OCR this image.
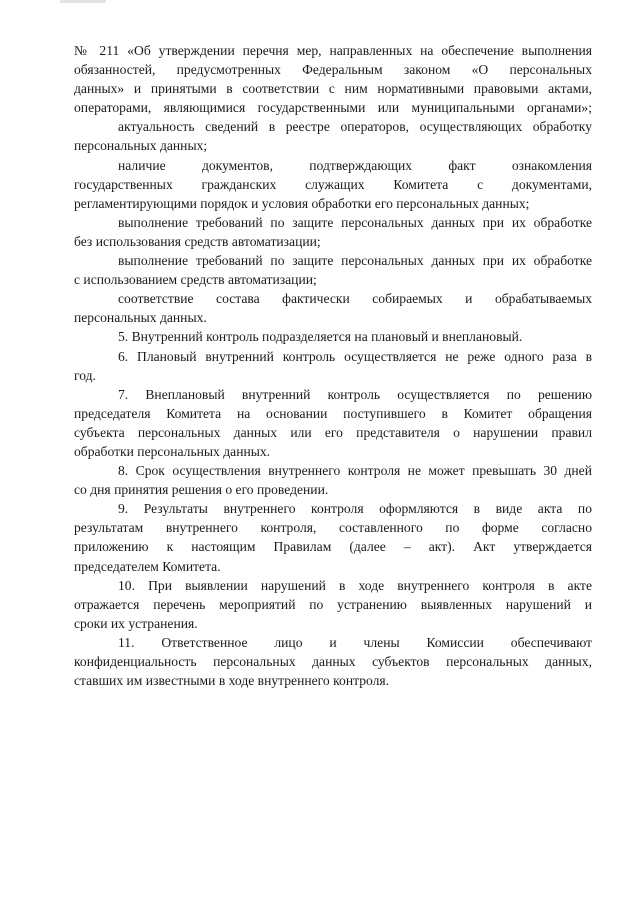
№ 211 «Об утверждении перечня мер, направленных на обеспечение выполнения
обязанностей, предусмотренных Федеральным законом «О персональных
данных» и принятыми в соответствии с ним нормативными правовыми актами,
операторами, являющимися государственными или муниципальными органами»;
актуальность сведений в реестре операторов, осуществляющих обработку
персональных данных;
наличие документов, подтверждающих факт ознакомления
государственных гражданских служащих Комитета с документами,
регламентирующими порядок и условия обработки его персональных данных;
выполнение требований по защите персональных данных при их обработке
без использования средств автоматизации;
выполнение требований по защите персональных данных при их обработке
с использованием средств автоматизации;
соответствие состава фактически собираемых и обрабатываемых
персональных данных.
5. Внутренний контроль подразделяется на плановый и внеплановый.
6. Плановый внутренний контроль осуществляется не реже одного раза в
год.
7. Внеплановый внутренний контроль осуществляется по решению
председателя Комитета на основании поступившего в Комитет обращения
субъекта персональных данных или его представителя о нарушении правил
обработки персональных данных.
8. Срок осуществления внутреннего контроля не может превышать 30 дней
со дня принятия решения о его проведении.
9. Результаты внутреннего контроля оформляются в виде акта по
результатам внутреннего контроля, составленного по форме согласно
приложению к настоящим Правилам (далее – акт). Акт утверждается
председателем Комитета.
10. При выявлении нарушений в ходе внутреннего контроля в акте
отражается перечень мероприятий по устранению выявленных нарушений и
сроки их устранения.
11. Ответственное лицо и члены Комиссии обеспечивают
конфиденциальность персональных данных субъектов персональных данных,
ставших им известными в ходе внутреннего контроля.
